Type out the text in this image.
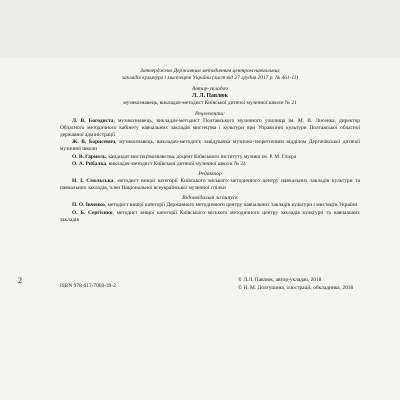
Затверджено Державним методичним центром навчальних

закладів культури і мистецтв України (лист від 27 грудня 2017 р. № 461-11)

Автор-укладач

Л. Л. Павлюк

музикознавець, викладач-методист Київської дитячої музичної школи № 21

Рецензенти:

Л. В. Богодиста, музикознавець, викладач-методист Полтавського музичного училища ім. М. В. Лисенка, директор Обласного методичного кабінету навчальних закладів мистецтва і культури при Управлінні культури Полтавської обласної державної адміністрації

Ж. В. Борисевич, музикознавець, викладач-методист, завідувачка музично-теоретичним відділом Дергачівської дитячої музичної школи

О. В. Гармель, кандидат мистецтвознавства, доцент Київського інституту музики ім. Р. М. Глієра

О. А. Рибалка, викладач-методист Київської дитячої музичної школи № 24

Редактор

Н. І. Смольська, методист вищої категорії Київського міського методичного центру навчальних закладів культури та навчальних закладів, член Національної всеукраїнської музичної спілки

Відповідальні за випуск

П. О. Івченко, методист вищої категорії Державного методичного центру навчальних закладів культури і мистецтв України

О. Б. Сергієнко, методист вищої категорії Київського міського методичного центру закладів культури та навчальних закладів

2
ISBN 978-617-7069-39-2

© Л.Л. Павлюк, автор-укладач, 2018

© Н. М. Долгушина, ілюстрації, обкладинка, 2018
